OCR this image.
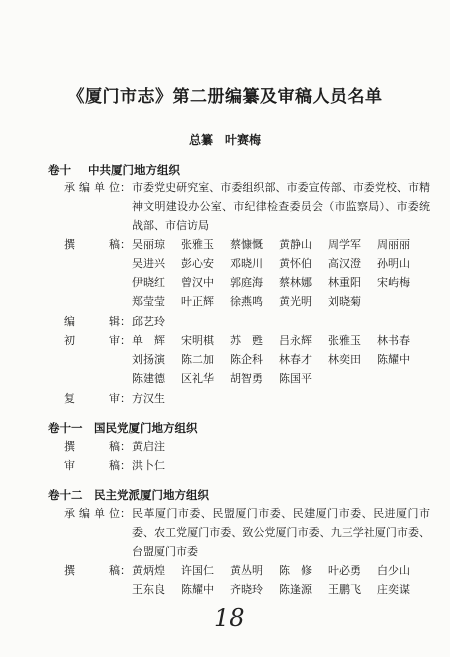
《厦门市志》第二册编纂及审稿人员名单
总纂 叶赛梅
卷十 中共厦门地方组织
承编单位： 市委党史研究室、市委组织部、市委宣传部、市委党校、市精神文明建设办公室、市纪律检查委员会（市监察局）、市委统战部、市信访局
撰　　稿： 吴丽琼	张雅玉	蔡慷慨	黄静山	周学军	周丽丽
吴进兴	彭心安	邓晓川	黄怀伯	高汉澄	孙明山
伊晓红	曾汉中	郭庭海	蔡林娜	林重阳	宋屿梅
郑莹莹	叶正辉	徐燕鸣	黄光明	刘晓菊
编　　辑： 邱艺玲
初　　审： 单　辉	宋明棋	苏　甦	吕永辉	张雅玉	林书春
刘扬演	陈二加	陈企科	林春才	林奕田	陈耀中
陈建德	区礼华	胡智勇	陈国平
复　　审： 方汉生
卷十一 国民党厦门地方组织
撰　　稿： 黄启注
审　　稿： 洪卜仁
卷十二 民主党派厦门地方组织
承编单位： 民革厦门市委、民盟厦门市委、民建厦门市委、民进厦门市委、农工党厦门市委、致公党厦门市委、九三学社厦门市委、台盟厦门市委
撰　　稿： 黄炳煌	许国仁	黄丛明	陈　修	叶必勇	白少山
王东良	陈耀中	齐晓玲	陈逢源	王鹏飞	庄奕谋
18
